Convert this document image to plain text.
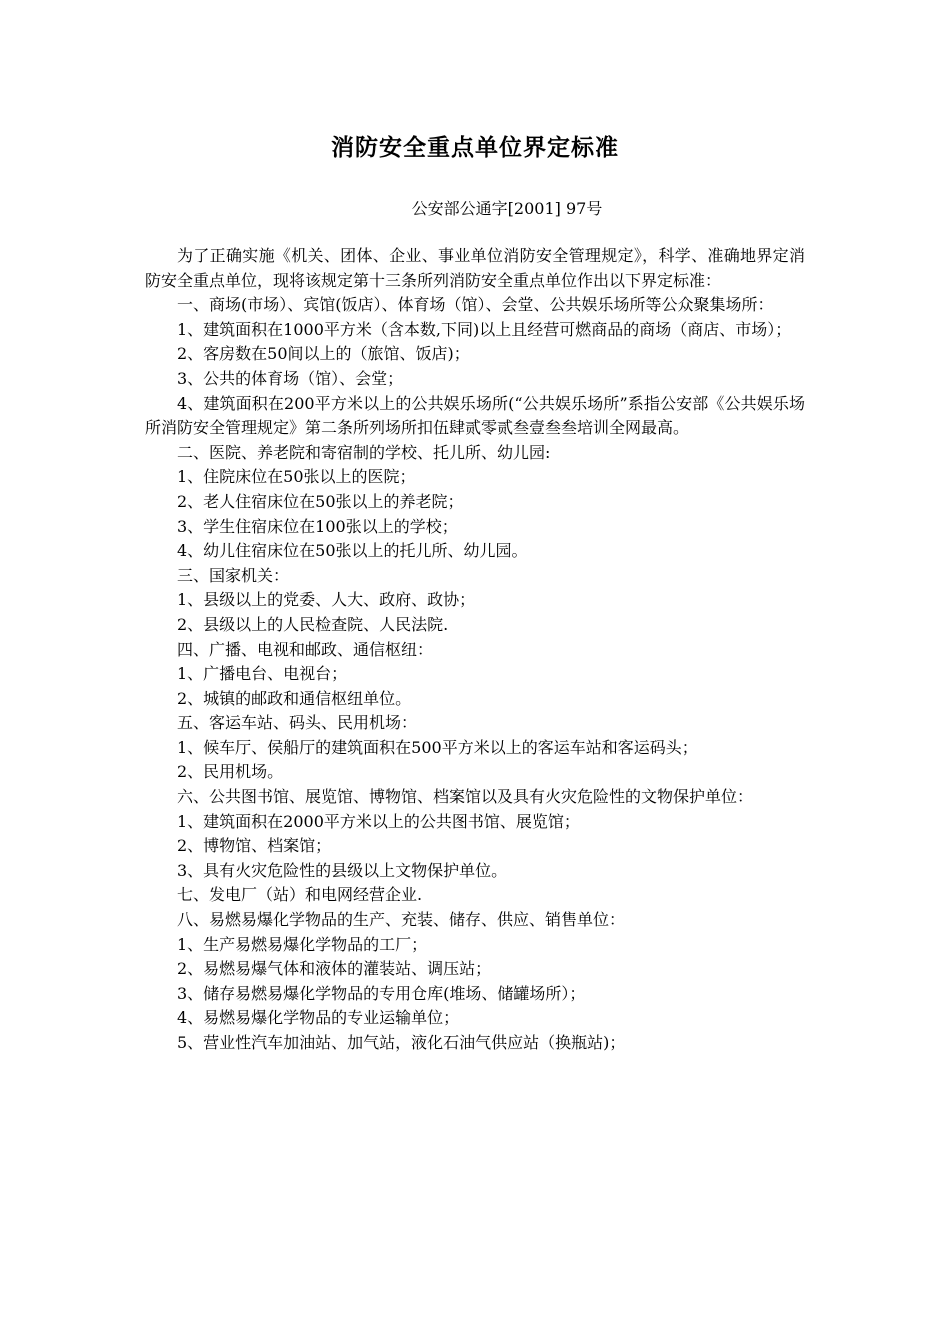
消防安全重点单位界定标准
公安部公通字[2001] 97号

为了正确实施《机关、团体、企业、事业单位消防安全管理规定》，科学、准确地界定消防安全重点单位，现将该规定第十三条所列消防安全重点单位作出以下界定标准：

一、商场(市场）、宾馆(饭店）、体育场（馆）、会堂、公共娱乐场所等公众聚集场所：

1、建筑面积在1000平方米（含本数,下同)以上且经营可燃商品的商场（商店、市场）；

2、客房数在50间以上的（旅馆、饭店)；

3、公共的体育场（馆）、会堂；

4、建筑面积在200平方米以上的公共娱乐场所(“公共娱乐场所”系指公安部《公共娱乐场所消防安全管理规定》第二条所列场所扣伍肆贰零贰叁壹叁叁培训全网最高。

二、医院、养老院和寄宿制的学校、托儿所、幼儿园:

1、住院床位在50张以上的医院；

2、老人住宿床位在50张以上的养老院；

3、学生住宿床位在100张以上的学校；

4、幼儿住宿床位在50张以上的托儿所、幼儿园。

三、国家机关：

1、县级以上的党委、人大、政府、政协；

2、县级以上的人民检查院、人民法院.

四、广播、电视和邮政、通信枢纽：

1、广播电台、电视台；

2、城镇的邮政和通信枢纽单位。

五、客运车站、码头、民用机场：

1、候车厅、侯船厅的建筑面积在500平方米以上的客运车站和客运码头；

2、民用机场。

六、公共图书馆、展览馆、博物馆、档案馆以及具有火灾危险性的文物保护单位：

1、建筑面积在2000平方米以上的公共图书馆、展览馆；

2、博物馆、档案馆；

3、具有火灾危险性的县级以上文物保护单位。

七、发电厂（站）和电网经营企业.

八、易燃易爆化学物品的生产、充装、储存、供应、销售单位：

1、生产易燃易爆化学物品的工厂；

2、易燃易爆气体和液体的灌装站、调压站；

3、储存易燃易爆化学物品的专用仓库(堆场、储罐场所）；

4、易燃易爆化学物品的专业运输单位；

5、营业性汽车加油站、加气站，液化石油气供应站（换瓶站)；
